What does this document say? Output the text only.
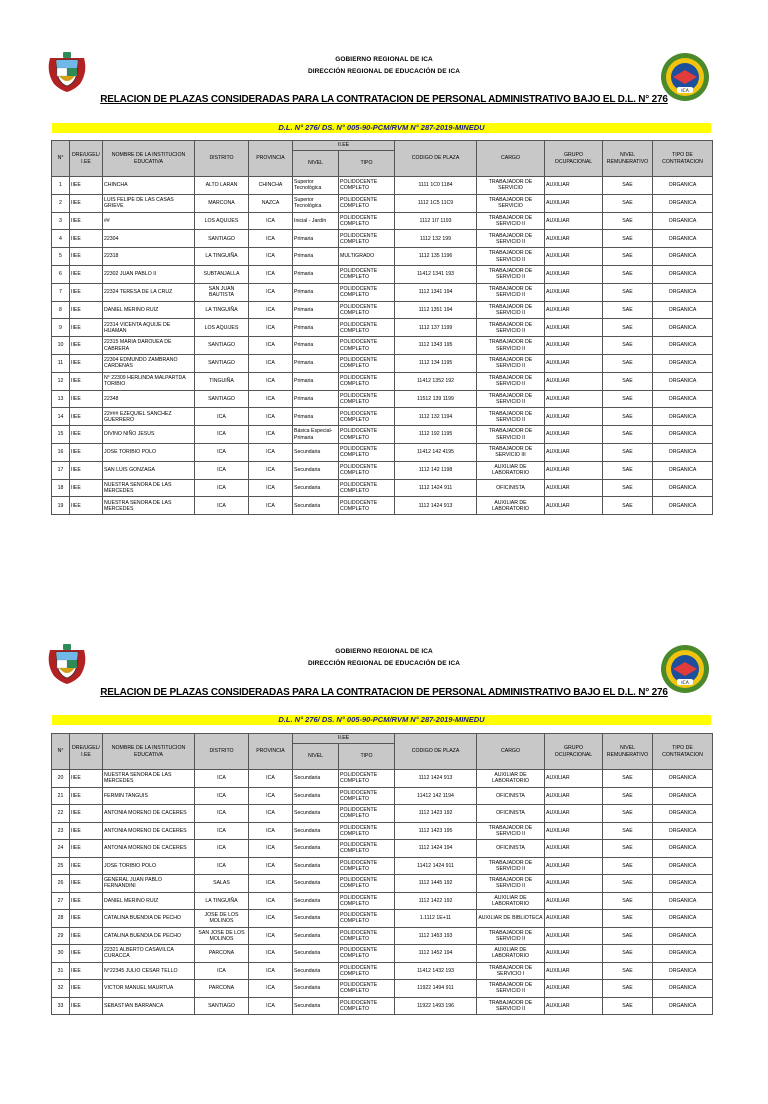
GOBIERNO REGIONAL DE ICA
DIRECCIÓN REGIONAL DE EDUCACIÓN DE ICA
ICA
RELACION DE PLAZAS CONSIDERADAS PARA LA CONTRATACION DE PERSONAL ADMINISTRATIVO BAJO EL D.L. N° 276
D.L. N° 276/ DS. N° 005-90-PCM/RVM N° 287-2019-MINEDU
N°	DRE/UGEL/ I.EE	NOMBRE DE LA INSTITUCION EDUCATIVA	DISTRITO	PROVINCIA	II.EE		CODIGO DE PLAZA	CARGO	GRUPO OCUPACIONAL	NIVEL REMUNERATIVO	TIPO DE CONTRATACION
					NIVEL	TIPO					
1	IIEE	CHINCHA	ALTO LARAN	CHINCHA	Superior Tecnológica	POLIDOCENTE COMPLETO	1111 1C0 1184	TRABAJADOR DE SERVICIO	AUXILIAR	SAE	ORGANICA
2	IIEE	LUIS FELIPE DE LAS CASAS GRIEVE	MARCONA	NAZCA	Superior Tecnológica	POLIDOCENTE COMPLETO	1112 1C5 11C9	TRABAJADOR DE SERVICIO	AUXILIAR	SAE	ORGANICA
3	IIEE	##	LOS AQUIJES	ICA	Inicial - Jardín	POLIDOCENTE COMPLETO	1112 1I7 1193	TRABAJADOR DE SERVICIO II	AUXILIAR	SAE	ORGANICA
4	IIEE	22304	SANTIAGO	ICA	Primaria	POLIDOCENTE COMPLETO	1112 132 199	TRABAJADOR DE SERVICIO II	AUXILIAR	SAE	ORGANICA
5	IIEE	22318	LA TINGUIÑA	ICA	Primaria	MULTIGRADO	1112 135 1196	TRABAJADOR DE SERVICIO II	AUXILIAR	SAE	ORGANICA
6	IIEE	22302 JUAN PABLO II	SUBTANJALLA	ICA	Primaria	POLIDOCENTE COMPLETO	11412 1341 193	TRABAJADOR DE SERVICIO II	AUXILIAR	SAE	ORGANICA
7	IIEE	22324 TERESA DE LA CRUZ	SAN JUAN BAUTISTA	ICA	Primaria	POLIDOCENTE COMPLETO	1112 1341 194	TRABAJADOR DE SERVICIO II	AUXILIAR	SAE	ORGANICA
8	IIEE	DANIEL MERINO RUIZ	LA TINGUIÑA	ICA	Primaria	POLIDOCENTE COMPLETO	1112 1351 194	TRABAJADOR DE SERVICIO II	AUXILIAR	SAE	ORGANICA
9	IIEE	22314 VICENTA AQUIJE DE HUAMAN	LOS AQUIJES	ICA	Primaria	POLIDOCENTE COMPLETO	1112 137 1199	TRABAJADOR DE SERVICIO II	AUXILIAR	SAE	ORGANICA
10	IIEE	22315 MARIA DAROUEA DE CABRERA	SANTIAGO	ICA	Primaria	POLIDOCENTE COMPLETO	1112 1343 195	TRABAJADOR DE SERVICIO II	AUXILIAR	SAE	ORGANICA
11	IIEE	22304 EDMUNDO ZAMBRANO CARDENAS	SANTIAGO	ICA	Primaria	POLIDOCENTE COMPLETO	1112 134 1195	TRABAJADOR DE SERVICIO II	AUXILIAR	SAE	ORGANICA
12	IIEE	N° 22309 HERLINDA MALPARTDA TORIBIO	TINGUIÑA	ICA	Primaria	POLIDOCENTE COMPLETO	11412 1352 192	TRABAJADOR DE SERVICIO II	AUXILIAR	SAE	ORGANICA
13	IIEE	22348	SANTIAGO	ICA	Primaria	POLIDOCENTE COMPLETO	11512 139 1199	TRABAJADOR DE SERVICIO II	AUXILIAR	SAE	ORGANICA
14	IIEE	22### EZEQUIEL SANCHEZ GUERRERO	ICA	ICA	Primaria	POLIDOCENTE COMPLETO	1112 132 1194	TRABAJADOR DE SERVICIO II	AUXILIAR	SAE	ORGANICA
15	IIEE	DIVINO NIÑO JESUS	ICA	ICA	Básica Especial-Primaria	POLIDOCENTE COMPLETO	1112 192 1195	TRABAJADOR DE SERVICIO II	AUXILIAR	SAE	ORGANICA
16	IIEE	JOSE TORIBIO POLO	ICA	ICA	Secundaria	POLIDOCENTE COMPLETO	11412 142 4195	TRABAJADOR DE SERVICIO III	AUXILIAR	SAE	ORGANICA
17	IIEE	SAN LUIS GONZAGA	ICA	ICA	Secundaria	POLIDOCENTE COMPLETO	1112 142 1198	AUXILIAR DE LABORATORIO	AUXILIAR	SAE	ORGANICA
18	IIEE	NUESTRA SENORA DE LAS MERCEDES	ICA	ICA	Secundaria	POLIDOCENTE COMPLETO	1112 1424 911	OFICINISTA	AUXILIAR	SAE	ORGANICA
19	IIEE	NUESTRA SENORA DE LAS MERCEDES	ICA	ICA	Secundaria	POLIDOCENTE COMPLETO	1112 1424 913	AUXILIAR DE LABORATORIO	AUXILIAR	SAE	ORGANICA
GOBIERNO REGIONAL DE ICA
DIRECCIÓN REGIONAL DE EDUCACIÓN DE ICA
ICA
RELACION DE PLAZAS CONSIDERADAS PARA LA CONTRATACION DE PERSONAL ADMINISTRATIVO BAJO EL D.L. N° 276
D.L. N° 276/ DS. N° 005-90-PCM/RVM N° 287-2019-MINEDU
N°	DRE/UGEL/ I.EE	NOMBRE DE LA INSTITUCION EDUCATIVA	DISTRITO	PROVINCIA	II.EE		CODIGO DE PLAZA	CARGO	GRUPO OCUPACIONAL	NIVEL REMUNERATIVO	TIPO DE CONTRATACION
					NIVEL	TIPO					
20	IIEE	NUESTRA SENORA DE LAS MERCEDES	ICA	ICA	Secundaria	POLIDOCENTE COMPLETO	1112 1424 913	AUXILIAR DE LABORATORIO	AUXILIAR	SAE	ORGANICA
21	IIEE	FERMIN TANGUIS	ICA	ICA	Secundaria	POLIDOCENTE COMPLETO	11412 142 1194	OFICINISTA	AUXILIAR	SAE	ORGANICA
22	IIEE	ANTONIA MORENO DE CACERES	ICA	ICA	Secundaria	POLIDOCENTE COMPLETO	1112 1423 192	OFICINISTA	AUXILIAR	SAE	ORGANICA
23	IIEE	ANTONIA MORENO DE CACERES	ICA	ICA	Secundaria	POLIDOCENTE COMPLETO	1112 1423 195	TRABAJADOR DE SERVICIO II	AUXILIAR	SAE	ORGANICA
24	IIEE	ANTONIA MORENO DE CACERES	ICA	ICA	Secundaria	POLIDOCENTE COMPLETO	1112 1424 194	OFICINISTA	AUXILIAR	SAE	ORGANICA
25	IIEE	JOSE TORIBIO POLO	ICA	ICA	Secundaria	POLIDOCENTE COMPLETO	11412 1424 911	TRABAJADOR DE SERVICIO II	AUXILIAR	SAE	ORGANICA
26	IIEE	GENERAL JUAN PABLO FERNANDINI	SALAS	ICA	Secundaria	POLIDOCENTE COMPLETO	1112 1445 192	TRABAJADOR DE SERVICIO II	AUXILIAR	SAE	ORGANICA
27	IIEE	DANIEL MERINO RUIZ	LA TINGUIÑA	ICA	Secundaria	POLIDOCENTE COMPLETO	1112 1422 192	AUXILIAR DE LABORATORIO	AUXILIAR	SAE	ORGANICA
28	IIEE	CATALINA BUENDIA DE PECHO	JOSE DE LOS MOLINOS	ICA	Secundaria	POLIDOCENTE COMPLETO	1.1112 1E+11	AUXILIAR DE BIBLIOTECA	AUXILIAR	SAE	ORGANICA
29	IIEE	CATALINA BUENDIA DE PECHO	SAN JOSE DE LOS MOLINOS	ICA	Secundaria	POLIDOCENTE COMPLETO	1112 1453 193	TRABAJADOR DE SERVICIO II	AUXILIAR	SAE	ORGANICA
30	IIEE	22321 ALBERTO CASAVILCA CURACCA	PARCONA	ICA	Secundaria	POLIDOCENTE COMPLETO	1112 1452 194	AUXILIAR DE LABORATORIO	AUXILIAR	SAE	ORGANICA
31	IIEE	N°22345 JULIO CESAR TELLO	ICA	ICA	Secundaria	POLIDOCENTE COMPLETO	11412 1432 193	TRABAJADOR DE SERVICIO I	AUXILIAR	SAE	ORGANICA
32	IIEE	VICTOR MANUEL MAURTUA	PARCONA	ICA	Secundaria	POLIDOCENTE COMPLETO	11922 1494 911	TRABAJADOR DE SERVICIO II	AUXILIAR	SAE	ORGANICA
33	IIEE	SEBASTIAN BARRANCA	SANTIAGO	ICA	Secundaria	POLIDOCENTE COMPLETO	11922 1493 196	TRABAJADOR DE SERVICIO II	AUXILIAR	SAE	ORGANICA
